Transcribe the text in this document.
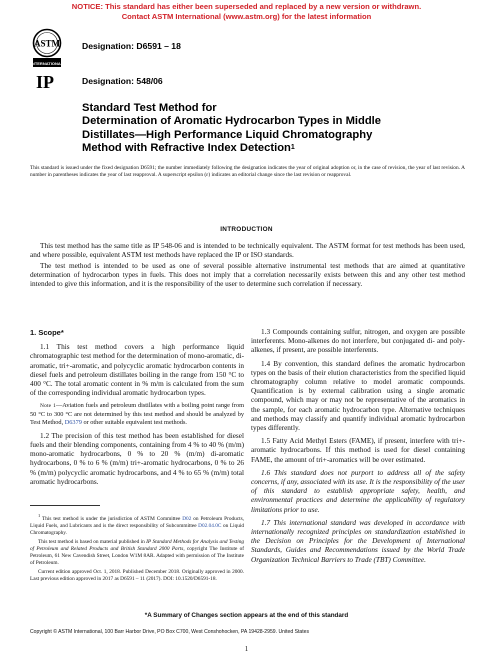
NOTICE: This standard has either been superseded and replaced by a new version or withdrawn.
Contact ASTM International (www.astm.org) for the latest information
ASTM
INTERNATIONAL
IP
Designation: D6591 – 18
Designation: 548/06
Standard Test Method for
Determination of Aromatic Hydrocarbon Types in Middle
Distillates—High Performance Liquid Chromatography
Method with Refractive Index Detection$^1$
This standard is issued under the fixed designation D6591; the number immediately following the designation indicates the year of original adoption or, in the case of revision, the year of last revision. A number in parentheses indicates the year of last reapproval. A superscript epsilon (ε) indicates an editorial change since the last revision or reapproval.
INTRODUCTION

This test method has the same title as IP 548-06 and is intended to be technically equivalent. The ASTM format for test methods has been used, and where possible, equivalent ASTM test methods have replaced the IP or ISO standards.

The test method is intended to be used as one of several possible alternative instrumental test methods that are aimed at quantitative determination of hydrocarbon types in fuels. This does not imply that a correlation necessarily exists between this and any other test method intended to give this information, and it is the responsibility of the user to determine such correlation if necessary.

1. Scope*

1.1 This test method covers a high performance liquid chromatographic test method for the determination of mono-aromatic, di-aromatic, tri+-aromatic, and polycyclic aromatic hydrocarbon contents in diesel fuels and petroleum distillates boiling in the range from 150 °C to 400 °C. The total aromatic content in % m/m is calculated from the sum of the corresponding individual aromatic hydrocarbon types.

Note 1—Aviation fuels and petroleum distillates with a boiling point range from 50 °C to 300 °C are not determined by this test method and should be analyzed by Test Method, D6379 or other suitable equivalent test methods.

1.2 The precision of this test method has been established for diesel fuels and their blending components, containing from 4 % to 40 % (m/m) mono-aromatic hydrocarbons, 0 % to 20 % (m/m) di-aromatic hydrocarbons, 0 % to 6 % (m/m) tri+-aromatic hydrocarbons, 0 % to 26 % (m/m) polycyclic aromatic hydrocarbons, and 4 % to 65 % (m/m) total aromatic hydrocarbons.

$^1$ This test method is under the jurisdiction of ASTM Committee D02 on Petroleum Products, Liquid Fuels, and Lubricants and is the direct responsibility of Subcommittee D02.04.0C on Liquid Chromatography.

This test method is based on material published in IP Standard Methods for Analysis and Testing of Petroleum and Related Products and British Standard 2000 Parts, copyright The Institute of Petroleum, 61 New Cavendish Street, London W1M 8AR. Adapted with permission of The Institute of Petroleum.

Current edition approved Oct. 1, 2018. Published December 2018. Originally approved in 2000. Last previous edition approved in 2017 as D6591 – 11 (2017). DOI: 10.1520/D6591-18.

1.3 Compounds containing sulfur, nitrogen, and oxygen are possible interferents. Mono-alkenes do not interfere, but conjugated di- and poly-alkenes, if present, are possible interferents.

1.4 By convention, this standard defines the aromatic hydrocarbon types on the basis of their elution characteristics from the specified liquid chromatography column relative to model aromatic compounds. Quantification is by external calibration using a single aromatic compound, which may or may not be representative of the aromatics in the sample, for each aromatic hydrocarbon type. Alternative techniques and methods may classify and quantify individual aromatic hydrocarbon types differently.

1.5 Fatty Acid Methyl Esters (FAME), if present, interfere with tri+-aromatic hydrocarbons. If this method is used for diesel containing FAME, the amount of tri+-aromatics will be over estimated.

1.6 This standard does not purport to address all of the safety concerns, if any, associated with its use. It is the responsibility of the user of this standard to establish appropriate safety, health, and environmental practices and determine the applicability of regulatory limitations prior to use.

1.7 This international standard was developed in accordance with internationally recognized principles on standardization established in the Decision on Principles for the Development of International Standards, Guides and Recommendations issued by the World Trade Organization Technical Barriers to Trade (TBT) Committee.

*A Summary of Changes section appears at the end of this standard
Copyright © ASTM International, 100 Barr Harbor Drive, PO Box C700, West Conshohocken, PA 19428-2959. United States
1
